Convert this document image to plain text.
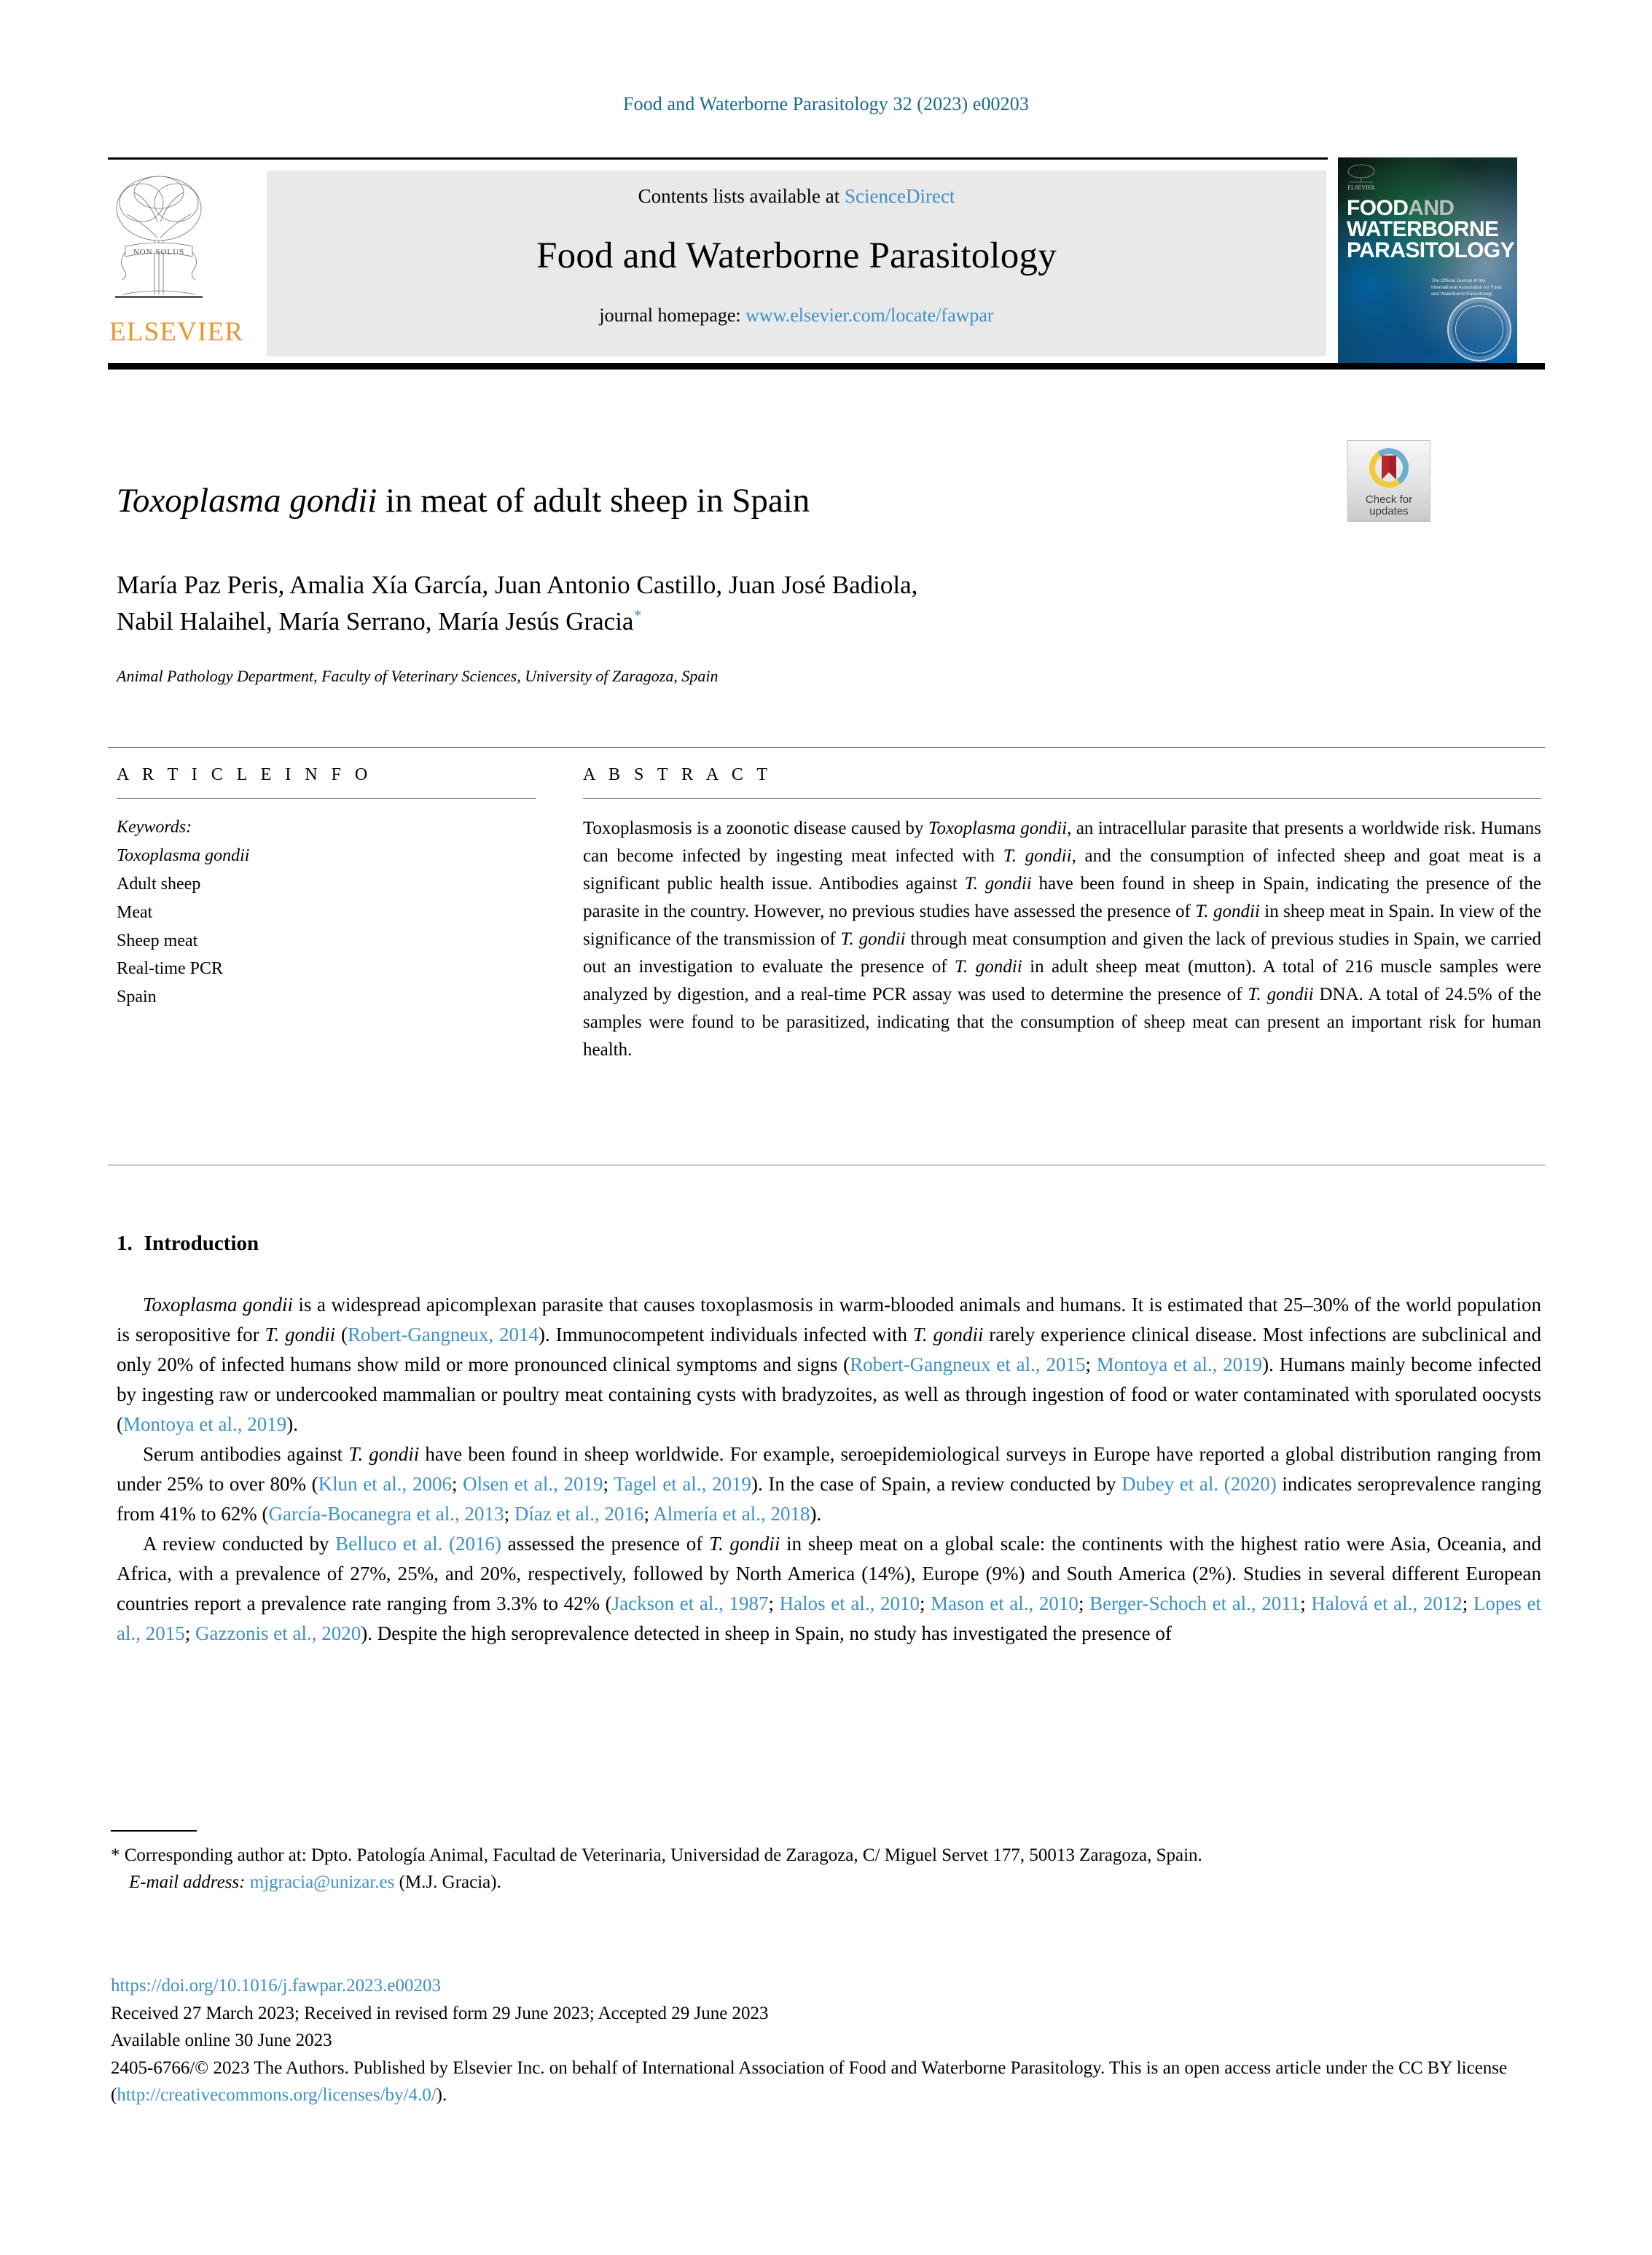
Food and Waterborne Parasitology 32 (2023) e00203
NON SOLUS
ELSEVIER
Contents lists available at ScienceDirect
Food and Waterborne Parasitology
journal homepage: www.elsevier.com/locate/fawpar
ELSEVIER
FOODAND
WATERBORNE
PARASITOLOGY
The Official Journal of the International Association for Food and Waterborne Parasitology
Check for
updates
Toxoplasma gondii in meat of adult sheep in Spain
María Paz Peris, Amalia Xía García, Juan Antonio Castillo, Juan José Badiola,
Nabil Halaihel, María Serrano, María Jesús Gracia*
Animal Pathology Department, Faculty of Veterinary Sciences, University of Zaragoza, Spain
A R T I C L E I N F O
Keywords:
Toxoplasma gondii
Adult sheep
Meat
Sheep meat
Real-time PCR
Spain
A B S T R A C T
Toxoplasmosis is a zoonotic disease caused by Toxoplasma gondii, an intracellular parasite that presents a worldwide risk. Humans can become infected by ingesting meat infected with T. gondii, and the consumption of infected sheep and goat meat is a significant public health issue. Antibodies against T. gondii have been found in sheep in Spain, indicating the presence of the parasite in the country. However, no previous studies have assessed the presence of T. gondii in sheep meat in Spain. In view of the significance of the transmission of T. gondii through meat consumption and given the lack of previous studies in Spain, we carried out an investigation to evaluate the presence of T. gondii in adult sheep meat (mutton). A total of 216 muscle samples were analyzed by digestion, and a real-time PCR assay was used to determine the presence of T. gondii DNA. A total of 24.5% of the samples were found to be parasitized, indicating that the consumption of sheep meat can present an important risk for human health.
1. Introduction

Toxoplasma gondii is a widespread apicomplexan parasite that causes toxoplasmosis in warm-blooded animals and humans. It is estimated that 25–30% of the world population is seropositive for T. gondii (Robert-Gangneux, 2014). Immunocompetent individuals infected with T. gondii rarely experience clinical disease. Most infections are subclinical and only 20% of infected humans show mild or more pronounced clinical symptoms and signs (Robert-Gangneux et al., 2015; Montoya et al., 2019). Humans mainly become infected by ingesting raw or undercooked mammalian or poultry meat containing cysts with bradyzoites, as well as through ingestion of food or water contaminated with sporulated oocysts (Montoya et al., 2019).

Serum antibodies against T. gondii have been found in sheep worldwide. For example, seroepidemiological surveys in Europe have reported a global distribution ranging from under 25% to over 80% (Klun et al., 2006; Olsen et al., 2019; Tagel et al., 2019). In the case of Spain, a review conducted by Dubey et al. (2020) indicates seroprevalence ranging from 41% to 62% (García-Bocanegra et al., 2013; Díaz et al., 2016; Almería et al., 2018).

A review conducted by Belluco et al. (2016) assessed the presence of T. gondii in sheep meat on a global scale: the continents with the highest ratio were Asia, Oceania, and Africa, with a prevalence of 27%, 25%, and 20%, respectively, followed by North America (14%), Europe (9%) and South America (2%). Studies in several different European countries report a prevalence rate ranging from 3.3% to 42% (Jackson et al., 1987; Halos et al., 2010; Mason et al., 2010; Berger-Schoch et al., 2011; Halová et al., 2012; Lopes et al., 2015; Gazzonis et al., 2020). Despite the high seroprevalence detected in sheep in Spain, no study has investigated the presence of

* Corresponding author at: Dpto. Patología Animal, Facultad de Veterinaria, Universidad de Zaragoza, C/ Miguel Servet 177, 50013 Zaragoza, Spain.
E-mail address: mjgracia@unizar.es (M.J. Gracia).
https://doi.org/10.1016/j.fawpar.2023.e00203
Received 27 March 2023; Received in revised form 29 June 2023; Accepted 29 June 2023
Available online 30 June 2023
2405-6766/© 2023 The Authors. Published by Elsevier Inc. on behalf of International Association of Food and Waterborne Parasitology. This is an open access article under the CC BY license (http://creativecommons.org/licenses/by/4.0/).
